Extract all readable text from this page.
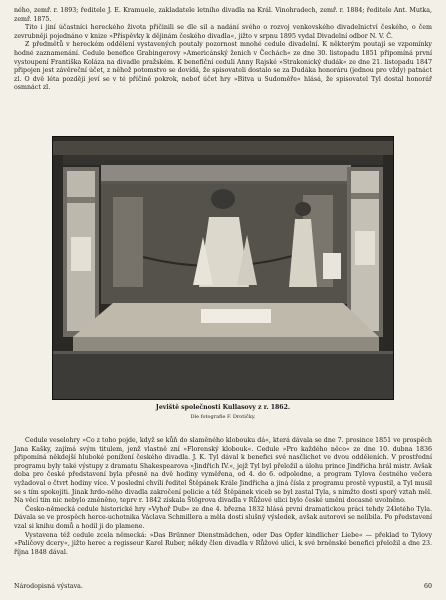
ného, zemř. r. 1893; ředitele J. E. Kramuele, zakladatele letního divadla na Král. Vinohradech, zemř. r. 1884; ředitele Ant. Mutka, zemř. 1875.

Tito i jiní účastníci hereckého života přičinili se dle sil a nadání svého o rozvoj venkovského divadelnictví českého, o čem zevrubněji pojednáno v knize »Příspěvky k dějinám českého divadla«, jižto v srpnu 1895 vydal Divadelní odbor N. V. Č.

Z předmětů v hereckém oddělení vystavených poutaly pozornost mnohé cedule divadelní. K některým poutají se vzpomínky hodné zaznamenání. Cedule benefice Grabingerovy »Americánský ženich v Čechách« ze dne 30. listopadu 1851 připomíná první vystoupení Františka Koláza na divadle pražském. K benefiční ceduli Anny Rajské »Strakonický dudák« ze dne 21. listopadu 1847 připojen jest závěreční účet, z něhož potomstvo se dovídá, že spisovateli dostalo se za Dudáka honoráru (jednou pro vždy) patnáct zl. O dvě léta později jeví se v té příčině pokrok, neboť účet hry »Bitva u Sudoměře« hlásá, že spisovatel Tyl dostal honorář osmnáct zl.

Jeviště společnosti Kullasovy z r. 1862.
Dle fotografie F. Drotičky.

Cedule veselohry »Co z toho pojde, když se kůň do slaměného klobouku dá«, která dávala se dne 7. prosince 1851 ve prospěch Jana Kašky, zajímá svým titulem, jenž vlastně zní »Florenský klobouk«. Cedule »Pro každého něco« ze dne 10. dubna 1836 připomíná někdejší hluboké ponížení českého divadla. J. K. Tyl dával k benefici své nasčlichet ve dvou odděleních. V prostřední programu byly také výstupy z dramatu Shakespearova »Jindřich IV.«, jejž Tyl byl přeložil a úlohu prince Jindřicha hrál mistr. Avšak doba pro české představení byla přesně na dvě hodiny vyměřena, od 4. do 6. odpoledne, a program Tylova čestného večera vyžadoval o čtvrt hodiny více. V poslední chvíli ředitel Štěpánek Krále Jindřicha a jiná čísla z programu prostě vypustil, a Tyl musil se s tím spokojiti. Jinak hrdo-ného divadla zakročení policie a též Štěpánek viceb se byl zastal Tyla, s nimžto dosti sporý vztah měl. Na věcí tím nic nebylo změněno, teprv r. 1842 získala Štögrova divadla v Růžové ulici bylo české uměni docasné uvolněno.

Česko-německá cedule historické hry »Vyhoř Dub« ze dne 4. března 1832 hlásá první dramatickou práci tehdy 24letého Tyla. Dávala se ve prospěch herce-uchotnika Václava Schmillera a měla dosti slušný výsledek, avšak autorovi se nelíbila. Po představení vzal si knihu domů a hodil ji do plamene.

Vystavena též cedule zcela německá: »Das Brünner Dienstmädchen, oder Das Opfer kindlicher Liebe« — překlad to Tylovy »Paličovy dcery«, jižto herec a regisseur Karel Ruber, někdy člen divadla v Růžové ulici, k své brněnské benefici přeložil a dne 23. října 1848 dával.

Národopisná výstava.	60
